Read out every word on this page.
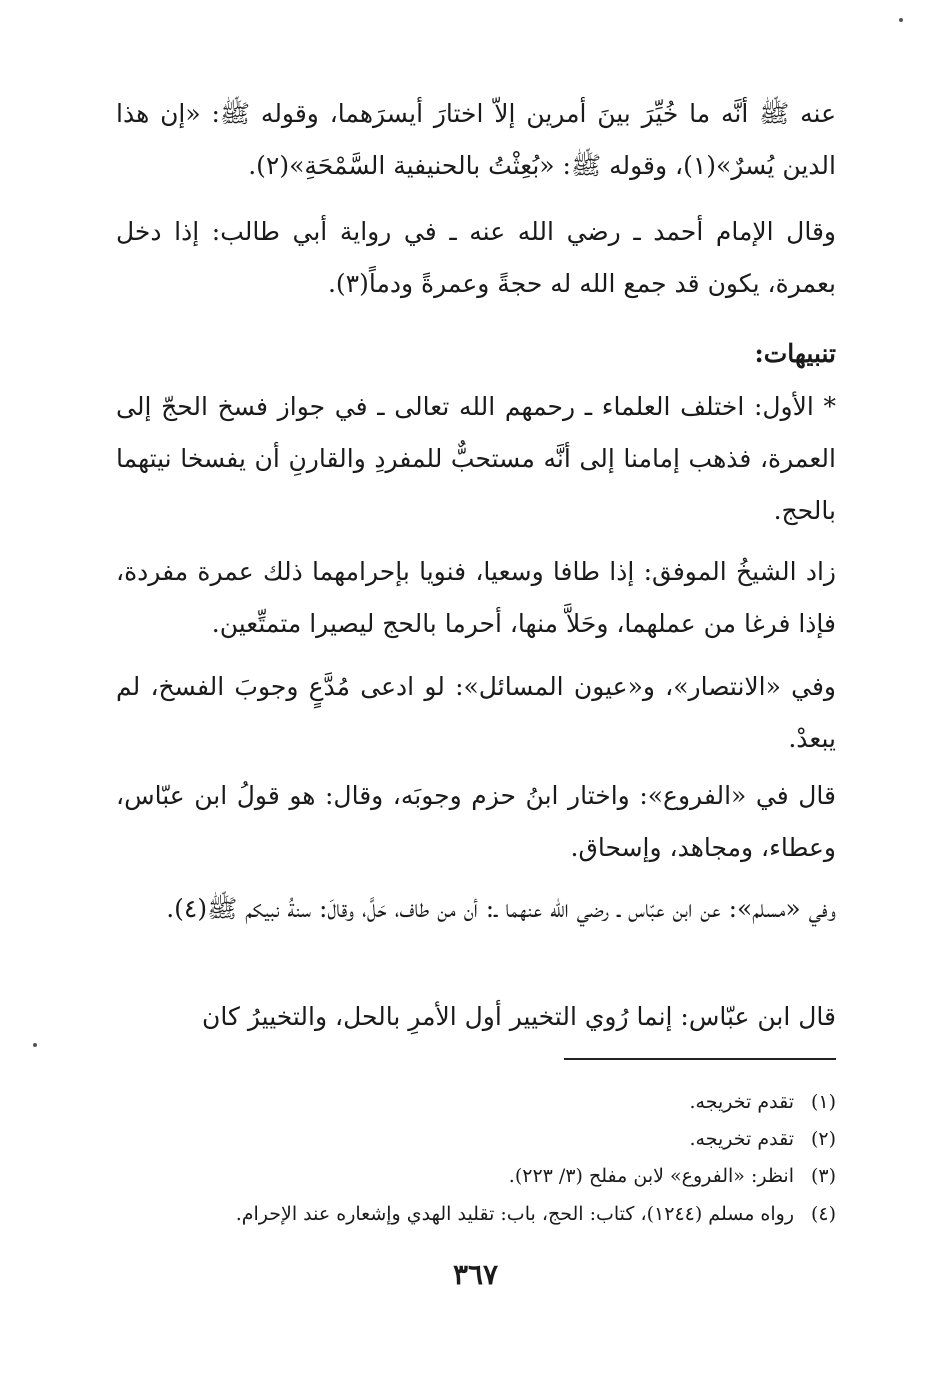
عنه ﷺ أنَّه ما خُيِّرَ بينَ أمرين إلاّ اختارَ أيسرَهما، وقوله ﷺ: «إن هذا الدين يُسرٌ»(١)، وقوله ﷺ: «بُعِثْتُ بالحنيفية السَّمْحَةِ»(٢).

وقال الإمام أحمد ـ رضي الله عنه ـ في رواية أبي طالب: إذا دخل بعمرة، يكون قد جمع الله له حجةً وعمرةً ودماً(٣).

تنبيهات:

* الأول: اختلف العلماء ـ رحمهم الله تعالى ـ في جواز فسخ الحجّ إلى العمرة، فذهب إمامنا إلى أنَّه مستحبٌّ للمفردِ والقارنِ أن يفسخا نيتهما بالحج.

زاد الشيخُ الموفق: إذا طافا وسعيا، فنويا بإحرامهما ذلك عمرة مفردة، فإذا فرغا من عملهما، وحَلاَّ منها، أحرما بالحج ليصيرا متمتِّعين.

وفي «الانتصار»، و«عيون المسائل»: لو ادعى مُدَّعٍ وجوبَ الفسخ، لم يبعدْ.

قال في «الفروع»: واختار ابنُ حزم وجوبَه، وقال: هو قولُ ابن عبّاس، وعطاء، ومجاهد، وإسحاق.

وفي «مسلم»: عن ابن عبّاس ـ رضي الله عنهما ـ: أن من طاف، حَلَّ، وقالَ: سنةُ نبيكم ﷺ(٤).

قال ابن عبّاس: إنما رُوي التخيير أول الأمرِ بالحل، والتخييرُ كان

(١)تقدم تخريجه.
(٢)تقدم تخريجه.
(٣)انظر: «الفروع» لابن مفلح (٣/ ٢٢٣).
(٤)رواه مسلم (١٢٤٤)، كتاب: الحج، باب: تقليد الهدي وإشعاره عند الإحرام.
٣٦٧
